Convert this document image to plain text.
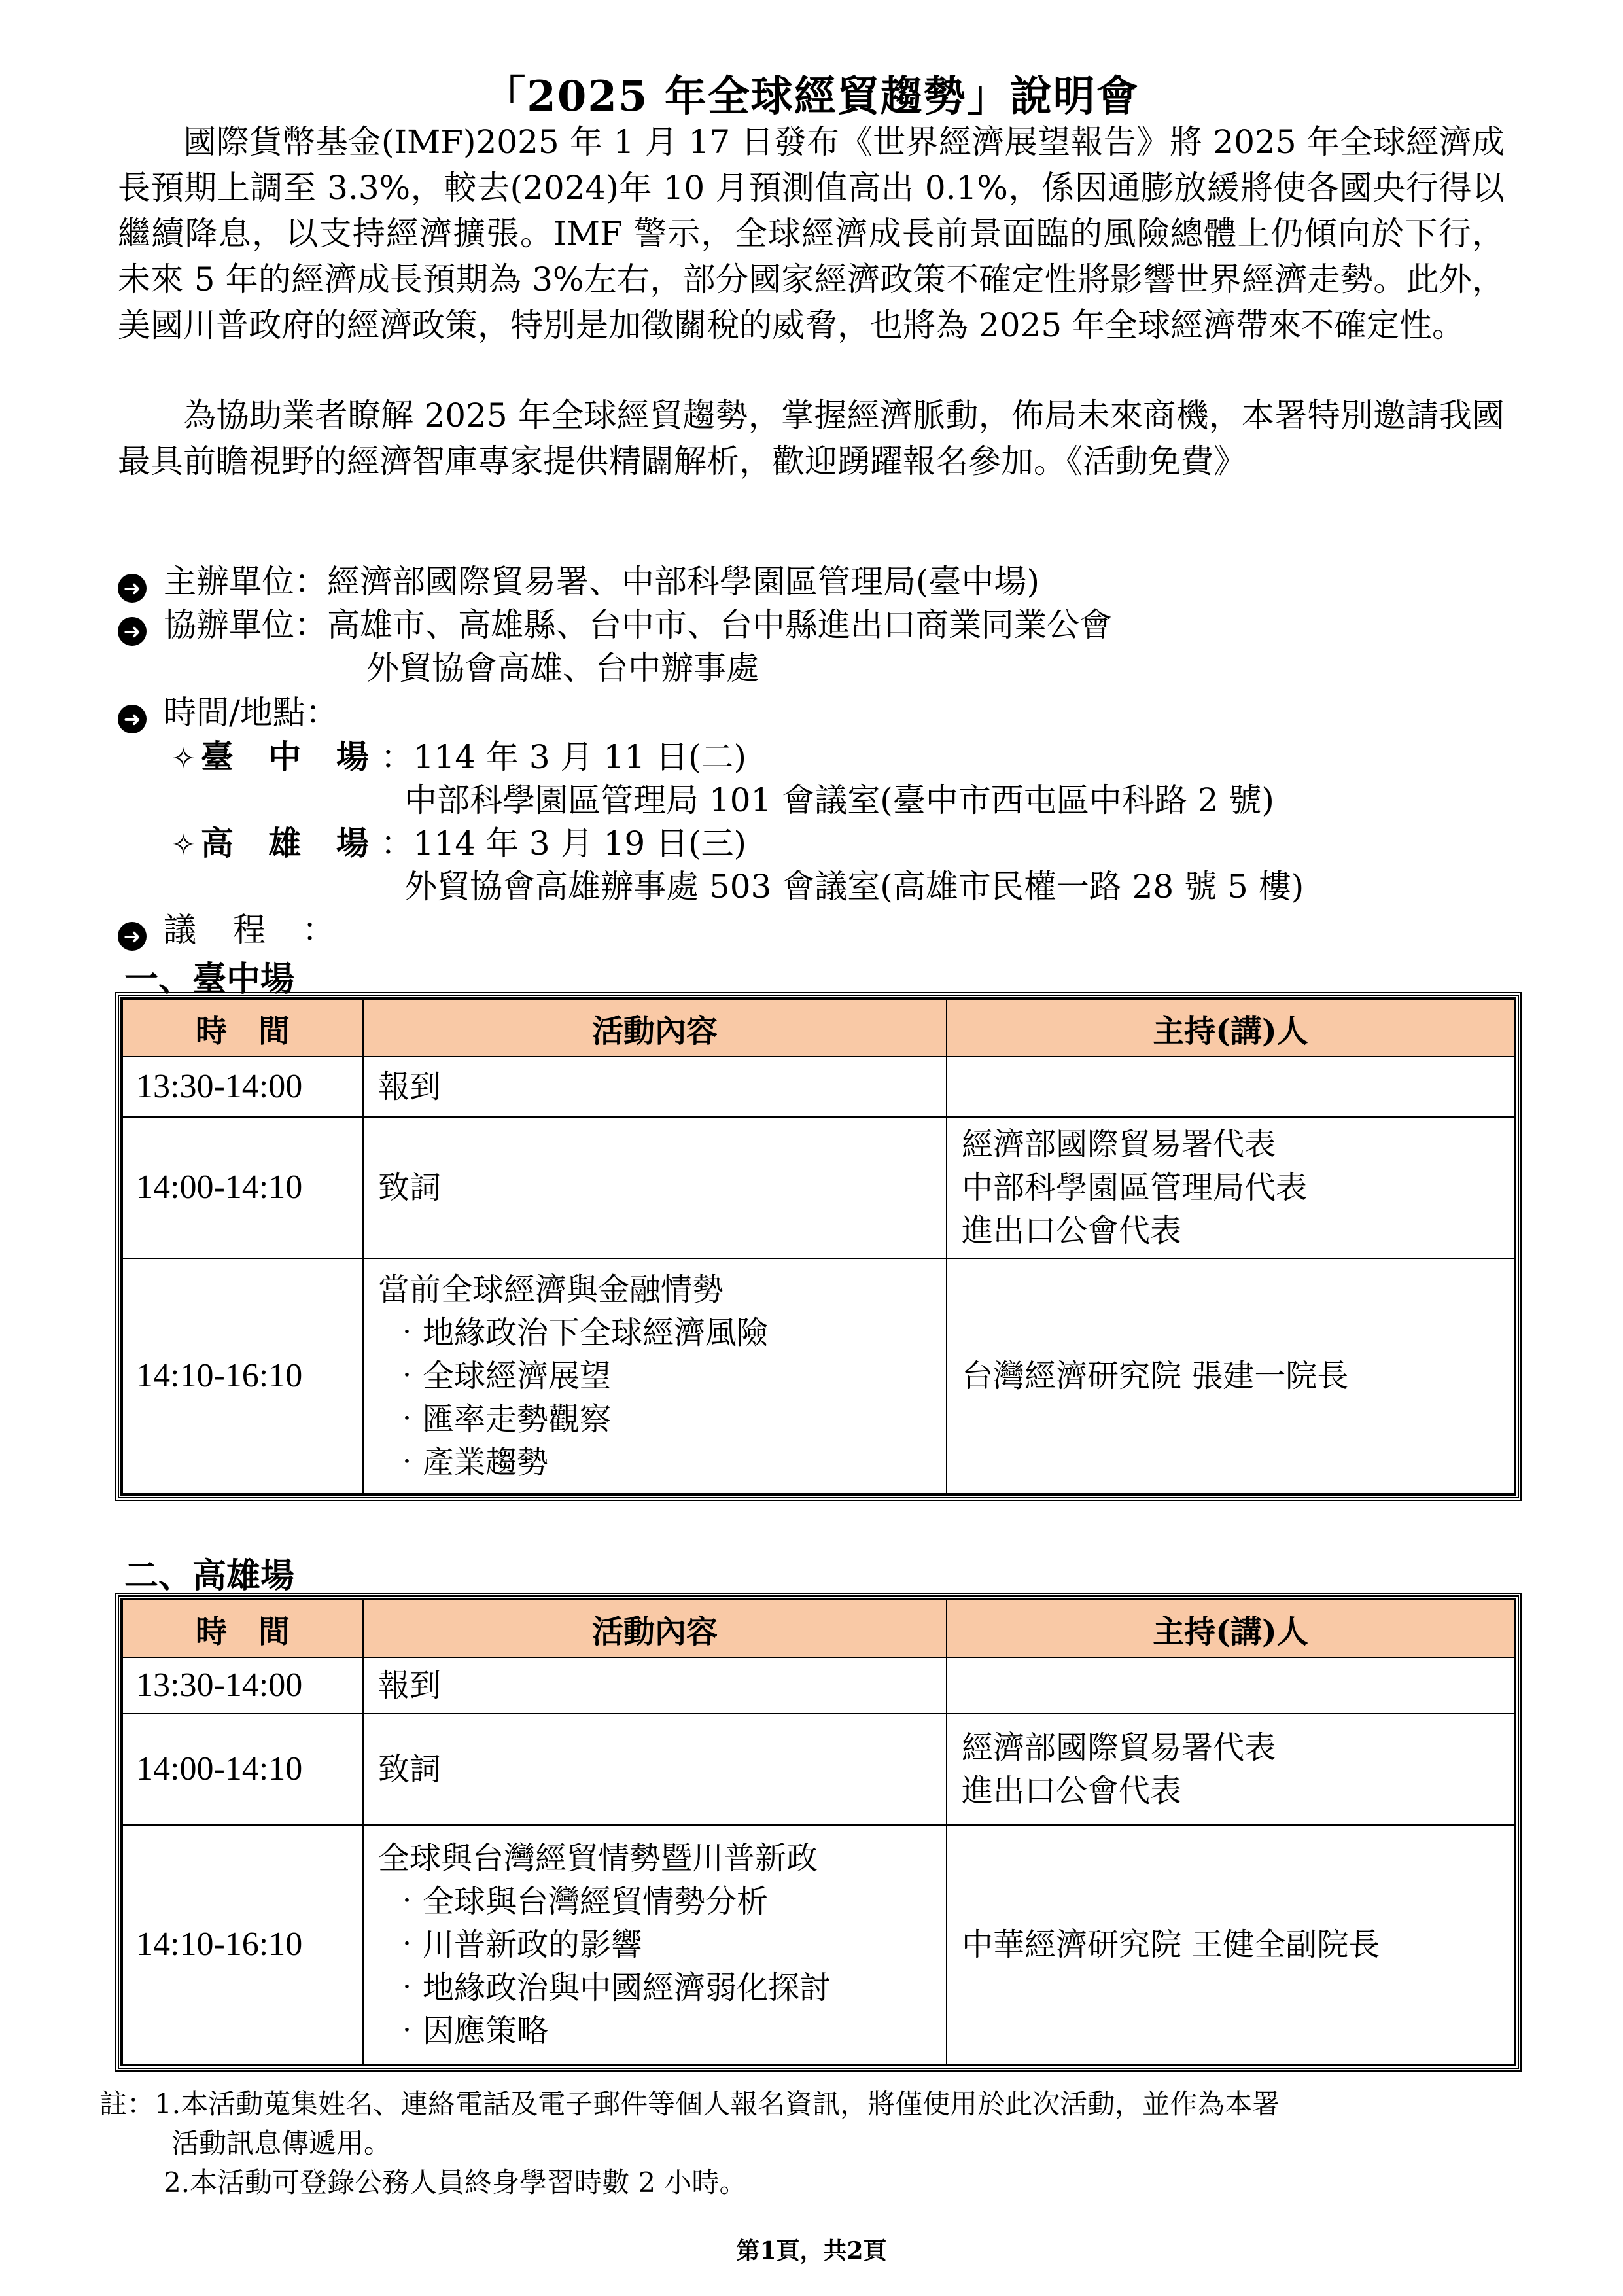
「2025 年全球經貿趨勢」說明會
國際貨幣基金(IMF)2025 年 1 月 17 日發布《世界經濟展望報告》將 2025 年全球經濟成長預期上調至 3.3%，較去(2024)年 10 月預測值高出 0.1%，係因通膨放緩將使各國央行得以繼續降息，以支持經濟擴張。IMF 警示，全球經濟成長前景面臨的風險總體上仍傾向於下行，未來 5 年的經濟成長預期為 3%左右，部分國家經濟政策不確定性將影響世界經濟走勢。此外，美國川普政府的經濟政策，特別是加徵關稅的威脅，也將為 2025 年全球經濟帶來不確定性。
為協助業者瞭解 2025 年全球經貿趨勢，掌握經濟脈動，佈局未來商機，本署特別邀請我國最具前瞻視野的經濟智庫專家提供精闢解析，歡迎踴躍報名參加。《活動免費》
➜ 主辦單位：經濟部國際貿易署、中部科學園區管理局(臺中場)
➜ 協辦單位：高雄市、高雄縣、台中市、台中縣進出口商業同業公會
外貿協會高雄、台中辦事處
➜ 時間/地點：
✧ 臺 中 場：114 年 3 月 11 日(二)
中部科學園區管理局 101 會議室(臺中市西屯區中科路 2 號)
✧ 高 雄 場：114 年 3 月 19 日(三)
外貿協會高雄辦事處 503 會議室(高雄市民權一路 28 號 5 樓)
➜ 議程：
一、臺中場
時　間	活動內容	主持(講)人
13:30-14:00	報到	
14:00-14:10	致詞	經濟部國際貿易署代表
中部科學園區管理局代表
進出口公會代表

14:10-16:10	當前全球經濟與金融情勢
‧地緣政治下全球經濟風險
‧全球經濟展望
‧匯率走勢觀察
‧產業趨勢	台灣經濟研究院 張建一院長
二、高雄場
時　間	活動內容	主持(講)人
13:30-14:00	報到	
14:00-14:10	致詞	經濟部國際貿易署代表
進出口公會代表

14:10-16:10	全球與台灣經貿情勢暨川普新政
‧全球與台灣經貿情勢分析
‧川普新政的影響
‧地緣政治與中國經濟弱化探討
‧因應策略	中華經濟研究院 王健全副院長
註：1.本活動蒐集姓名、連絡電話及電子郵件等個人報名資訊，將僅使用於此次活動，並作為本署
活動訊息傳遞用。
2.本活動可登錄公務人員終身學習時數 2 小時。
第1頁，共2頁
